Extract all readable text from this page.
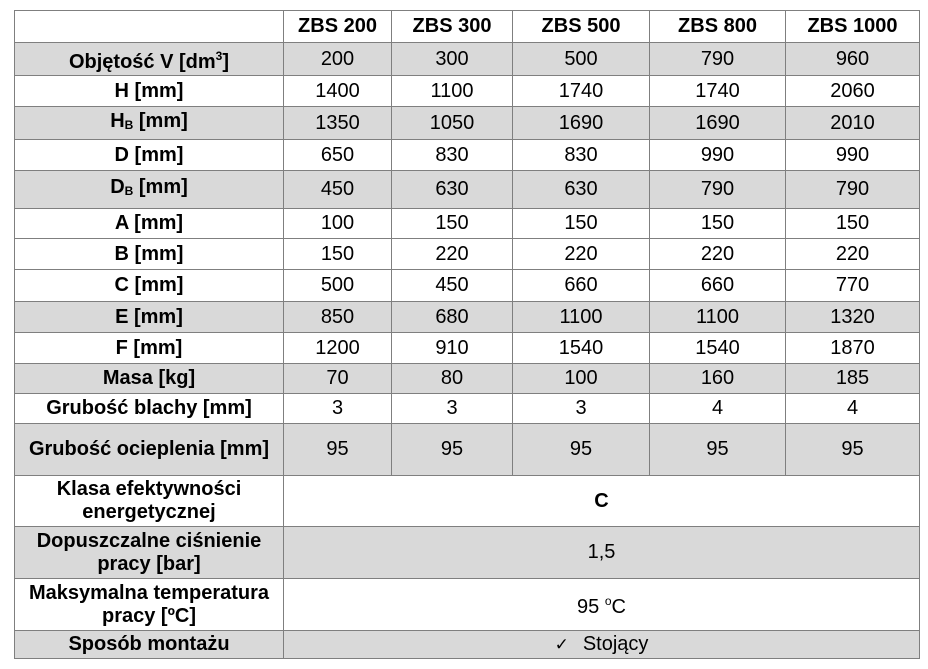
	ZBS 200	ZBS 300	ZBS 500	ZBS 800	ZBS 1000
Objętość V $[dm^3]$	200	300	500	790	960
H [mm]	1400	1100	1740	1740	2060
$H_B$ [mm]	1350	1050	1690	1690	2010
D [mm]	650	830	830	990	990
$D_B$ [mm]	450	630	630	790	790
A [mm]	100	150	150	150	150
B [mm]	150	220	220	220	220
C [mm]	500	450	660	660	770
E [mm]	850	680	1100	1100	1320
F [mm]	1200	910	1540	1540	1870
Masa [kg]	70	80	100	160	185
Grubość blachy [mm]	3	3	3	4	4
Grubość ocieplenia [mm]	95	95	95	95	95
Klasa efektywności energetycznej	C				
Dopuszczalne ciśnienie pracy [bar]	1,5				
Maksymalna temperatura pracy [ºC]	95 $^o$C				
Sposób montażu	✓ Stojący				
